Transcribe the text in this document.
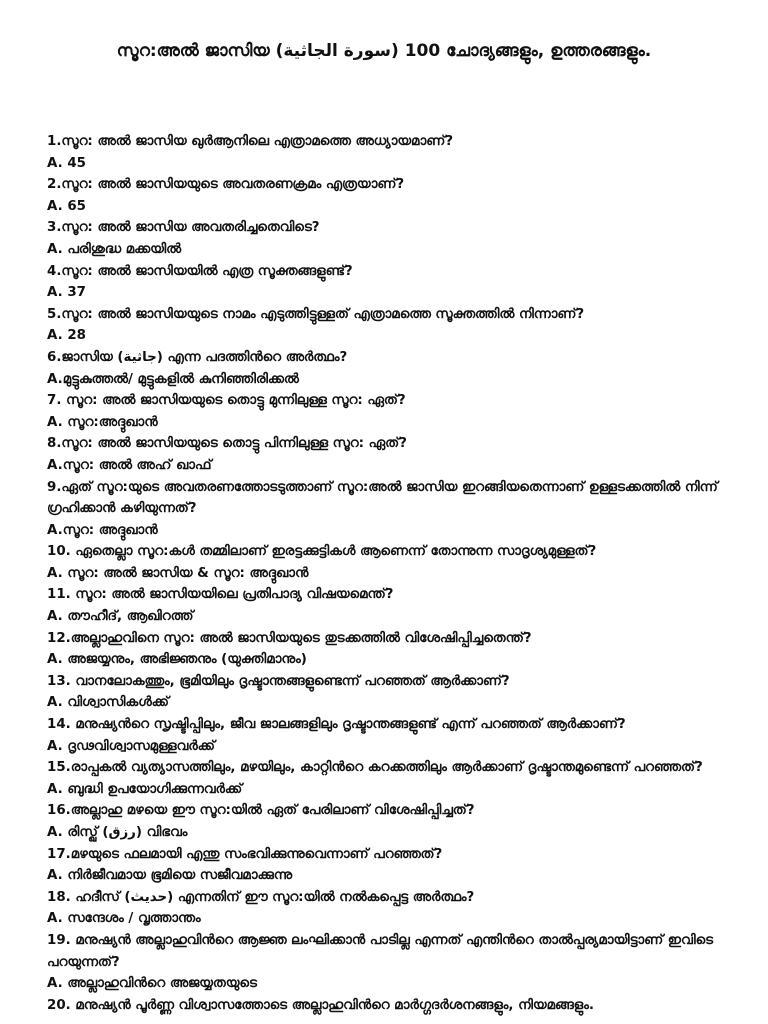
സൂറ:അൽ ജാസിയ (سورة الجاثية) 100 ചോദ്യങ്ങളും, ഉത്തരങ്ങളും.

1.സൂറ: അൽ ജാസിയ ഖുർആനിലെ എത്രാമത്തെ അധ്യായമാണ്?

A. 45

2.സൂറ: അൽ ജാസിയയുടെ അവതരണക്രമം എത്രയാണ്?

A. 65

3.സൂറ: അൽ ജാസിയ അവതരിച്ചതെവിടെ?

A. പരിശുദ്ധ മക്കയിൽ

4.സൂറ: അൽ ജാസിയയിൽ എത്ര സൂക്തങ്ങളുണ്ട്?

A. 37

5.സൂറ: അൽ ജാസിയയുടെ നാമം എടുത്തിട്ടുള്ളത് എത്രാമത്തെ സൂക്തത്തിൽ നിന്നാണ്?

A. 28

6.ജാസിയ (جاثية) എന്ന പദത്തിൻറെ അർത്ഥം?

A.മുട്ടുകുത്തൽ/ മുട്ടുകളിൽ കുനിഞ്ഞിരിക്കൽ

7. സൂറ: അൽ ജാസിയയുടെ തൊട്ടു മുന്നിലുള്ള സൂറ: ഏത്?

A. സൂറ:അദ്ദുഖാൻ

8.സൂറ: അൽ ജാസിയയുടെ തൊട്ടു പിന്നിലുള്ള സൂറ: ഏത്?

A.സൂറ: അൽ അഹ് ഖാഫ്

9.ഏത് സൂറ:യുടെ അവതരണത്തോടടുത്താണ് സൂറ:അൽ ജാസിയ ഇറങ്ങിയതെന്നാണ് ഉള്ളടക്കത്തിൽ നിന്ന് ഗ്രഹിക്കാൻ കഴിയുന്നത്?

A.സൂറ: അദ്ദുഖാൻ

10. ഏതെല്ലാ സൂറ:കൾ തമ്മിലാണ് ഇരട്ടക്കുട്ടികൾ ആണെന്ന് തോന്നുന്ന സാദൃശ്യമുള്ളത്?

A. സൂറ: അൽ ജാസിയ & സൂറ: അദ്ദുഖാൻ

11. സൂറ: അൽ ജാസിയയിലെ പ്രതിപാദ്യ വിഷയമെന്ത്?

A. തൗഹീദ്, ആഖിറത്ത്

12.അല്ലാഹുവിനെ സൂറ: അൽ ജാസിയയുടെ തുടക്കത്തിൽ വിശേഷിപ്പിച്ചതെന്ത്?

A. അജയ്യനും, അഭിജ്ഞനും (യുക്തിമാനും)

13. വാനലോകത്തും, ഭൂമിയിലും ദൃഷ്ടാന്തങ്ങളുണ്ടെന്ന് പറഞ്ഞത് ആർക്കാണ്?

A. വിശ്വാസികൾക്ക്

14. മനുഷ്യൻറെ സൃഷ്ടിപ്പിലും, ജീവ ജാലങ്ങളിലും ദൃഷ്ടാന്തങ്ങളുണ്ട് എന്ന് പറഞ്ഞത് ആർക്കാണ്?

A. ദൃഢവിശ്വാസമുള്ളവർക്ക്

15.രാപ്പകൽ വ്യത്യാസത്തിലും, മഴയിലും, കാറ്റിൻറെ കറക്കത്തിലും ആർക്കാണ് ദൃഷ്ടാന്തമുണ്ടെന്ന് പറഞ്ഞത്?

A. ബുദ്ധി ഉപയോഗിക്കുന്നവർക്ക്

16.അല്ലാഹു മഴയെ ഈ സൂറ:യിൽ ഏത് പേരിലാണ് വിശേഷിപ്പിച്ചത്?

A. രിസ്ഖ് (رزق) വിഭവം

17.മഴയുടെ ഫലമായി എന്തു സംഭവിക്കുന്നുവെന്നാണ് പറഞ്ഞത്?

A. നിർജീവമായ ഭൂമിയെ സജീവമാക്കുന്നു

18. ഹദീസ് (حديث) എന്നതിന് ഈ സൂറ:യിൽ നൽകപ്പെട്ട അർത്ഥം?

A. സന്ദേശം / വൃത്താന്തം

19. മനുഷ്യൻ അല്ലാഹുവിൻറെ ആജ്ഞ ലംഘിക്കാൻ പാടില്ല എന്നത് എന്തിൻറെ താൽപ്പര്യമായിട്ടാണ് ഇവിടെ പറയുന്നത്?

A. അല്ലാഹുവിൻറെ അജയ്യതയുടെ

20. മനുഷ്യൻ പൂർണ്ണ വിശ്വാസത്തോടെ അല്ലാഹുവിൻറെ മാർഗ്ഗദർശനങ്ങളും, നിയമങ്ങളും.
